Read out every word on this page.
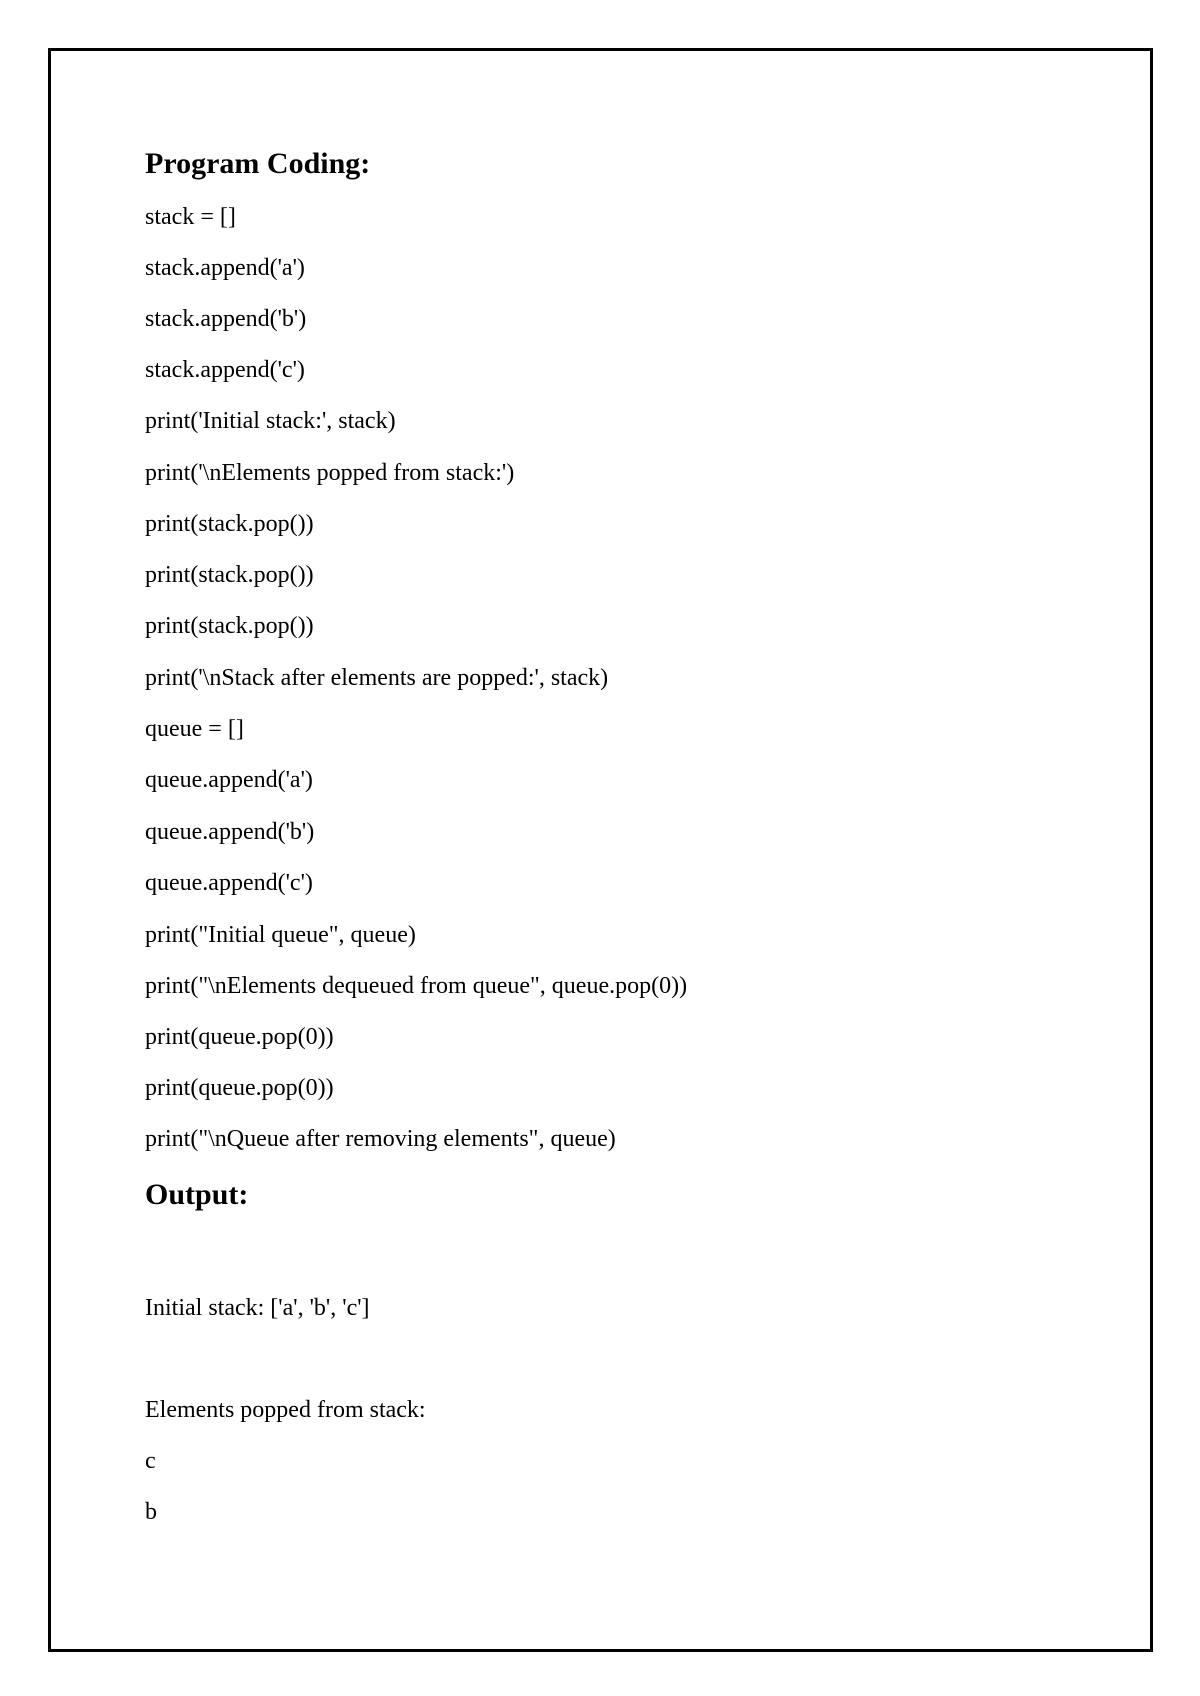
Program Coding:
stack = []
stack.append('a')
stack.append('b')
stack.append('c')
print('Initial stack:', stack)
print('\nElements popped from stack:')
print(stack.pop())
print(stack.pop())
print(stack.pop())
print('\nStack after elements are popped:', stack)
queue = []
queue.append('a')
queue.append('b')
queue.append('c')
print("Initial queue", queue)
print("\nElements dequeued from queue", queue.pop(0))
print(queue.pop(0))
print(queue.pop(0))
print("\nQueue after removing elements", queue)
Output:
Initial stack: ['a', 'b', 'c']
Elements popped from stack:
c
b
